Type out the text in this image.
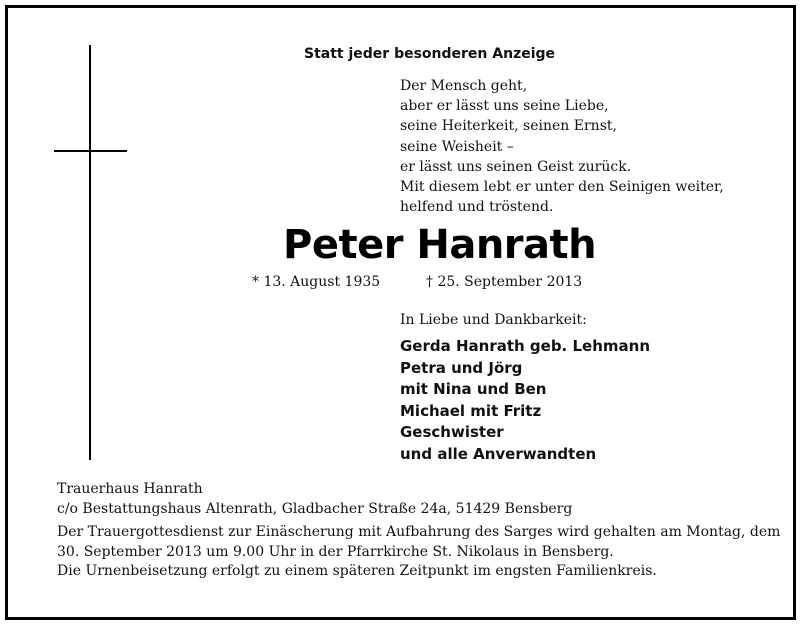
Statt jeder besonderen Anzeige
Der Mensch geht,
aber er lässt uns seine Liebe,
seine Heiterkeit, seinen Ernst,
seine Weisheit –
er lässt uns seinen Geist zurück.
Mit diesem lebt er unter den Seinigen weiter,
helfend und tröstend.
Peter Hanrath
* 13. August 1935	† 25. September 2013
In Liebe und Dankbarkeit:
Gerda Hanrath geb. Lehmann
Petra und Jörg
mit Nina und Ben
Michael mit Fritz
Geschwister
und alle Anverwandten
Trauerhaus Hanrath
c/o Bestattungshaus Altenrath, Gladbacher Straße 24a, 51429 Bensberg
Der Trauergottesdienst zur Einäscherung mit Aufbahrung des Sarges wird gehalten am Montag, dem
30. September 2013 um 9.00 Uhr in der Pfarrkirche St. Nikolaus in Bensberg.
Die Urnenbeisetzung erfolgt zu einem späteren Zeitpunkt im engsten Familienkreis.
